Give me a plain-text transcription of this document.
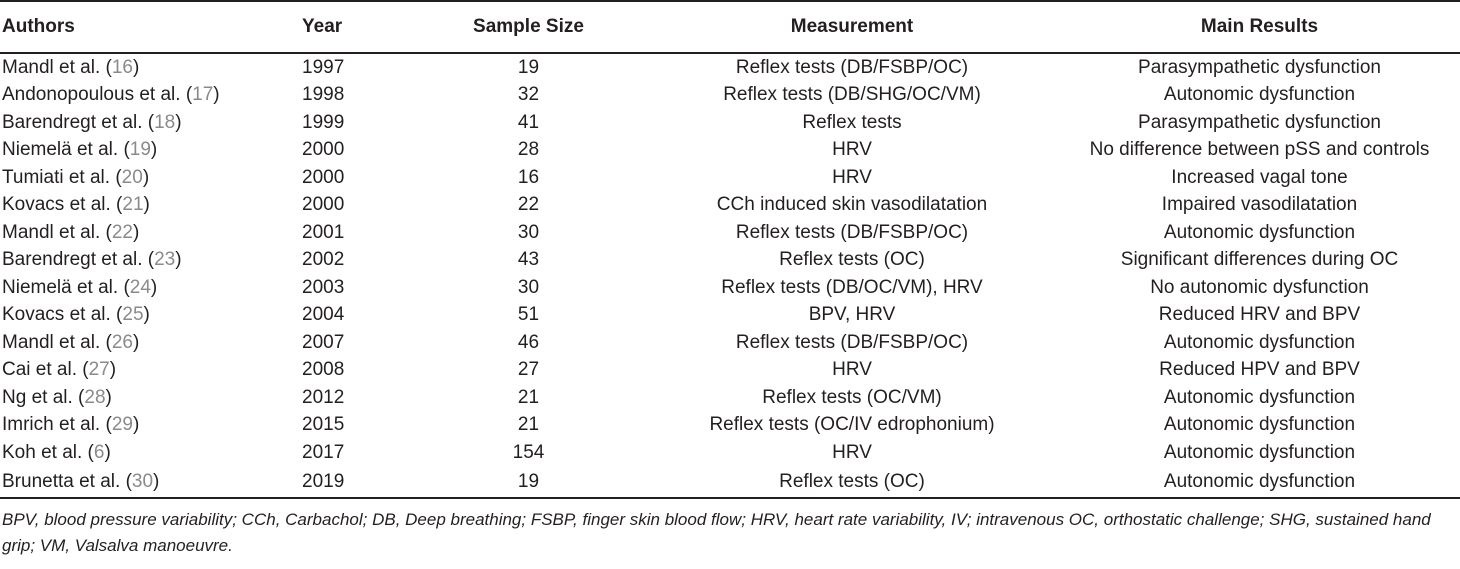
Authors	Year	Sample Size	Measurement	Main Results
Mandl et al. (16)	1997	19	Reflex tests (DB/FSBP/OC)	Parasympathetic dysfunction
Andonopoulous et al. (17)	1998	32	Reflex tests (DB/SHG/OC/VM)	Autonomic dysfunction
Barendregt et al. (18)	1999	41	Reflex tests	Parasympathetic dysfunction
Niemelä et al. (19)	2000	28	HRV	No difference between pSS and controls
Tumiati et al. (20)	2000	16	HRV	Increased vagal tone
Kovacs et al. (21)	2000	22	CCh induced skin vasodilatation	Impaired vasodilatation
Mandl et al. (22)	2001	30	Reflex tests (DB/FSBP/OC)	Autonomic dysfunction
Barendregt et al. (23)	2002	43	Reflex tests (OC)	Significant differences during OC
Niemelä et al. (24)	2003	30	Reflex tests (DB/OC/VM), HRV	No autonomic dysfunction
Kovacs et al. (25)	2004	51	BPV, HRV	Reduced HRV and BPV
Mandl et al. (26)	2007	46	Reflex tests (DB/FSBP/OC)	Autonomic dysfunction
Cai et al. (27)	2008	27	HRV	Reduced HPV and BPV
Ng et al. (28)	2012	21	Reflex tests (OC/VM)	Autonomic dysfunction
Imrich et al. (29)	2015	21	Reflex tests (OC/IV edrophonium)	Autonomic dysfunction
Koh et al. (6)	2017	154	HRV	Autonomic dysfunction
Brunetta et al. (30)	2019	19	Reflex tests (OC)	Autonomic dysfunction
BPV, blood pressure variability; CCh, Carbachol; DB, Deep breathing; FSBP, finger skin blood flow; HRV, heart rate variability, IV; intravenous OC, orthostatic challenge; SHG, sustained hand grip; VM, Valsalva manoeuvre.
